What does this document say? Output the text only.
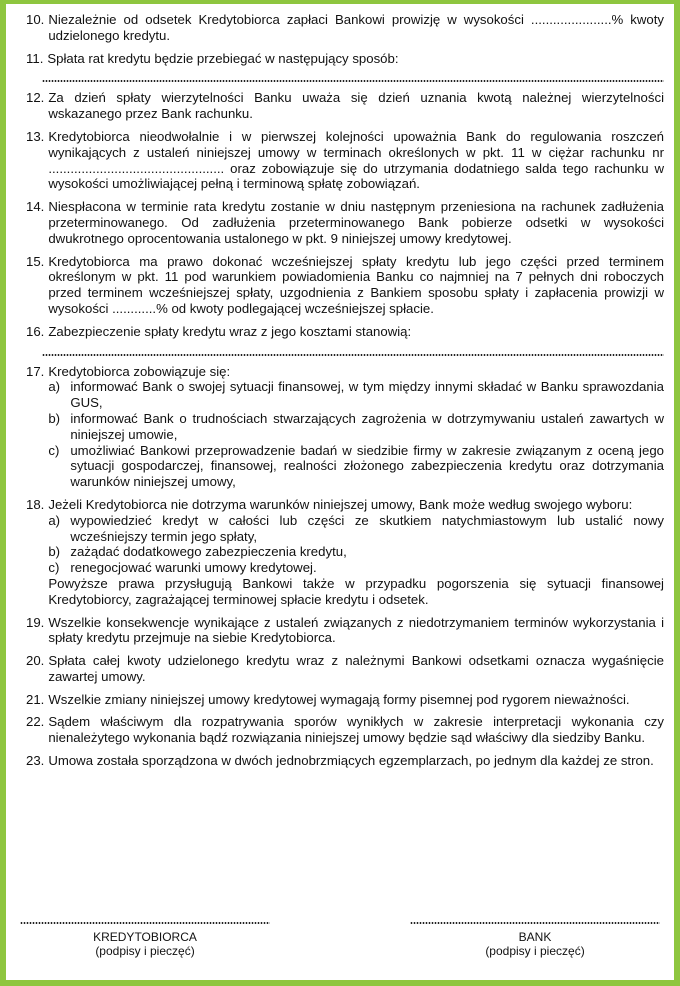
10. Niezależnie od odsetek Kredytobiorca zapłaci Bankowi prowizję w wysokości ......................% kwoty udzielonego kredytu.
11. Spłata rat kredytu będzie przebiegać w następujący sposób:
12. Za dzień spłaty wierzytelności Banku uważa się dzień uznania kwotą należnej wierzytelności wskazanego przez Bank rachunku.
13. Kredytobiorca nieodwołalnie i w pierwszej kolejności upoważnia Bank do regulowania roszczeń wynikających z ustaleń niniejszej umowy w terminach określonych w pkt. 11 w ciężar rachunku nr ................................................ oraz zobowiązuje się do utrzymania dodatniego salda tego rachunku w wysokości umożliwiającej pełną i terminową spłatę zobowiązań.
14. Niespłacona w terminie rata kredytu zostanie w dniu następnym przeniesiona na rachunek zadłużenia przeterminowanego. Od zadłużenia przeterminowanego Bank pobierze odsetki w wysokości dwukrotnego oprocentowania ustalonego w pkt. 9 niniejszej umowy kredytowej.
15. Kredytobiorca ma prawo dokonać wcześniejszej spłaty kredytu lub jego części przed terminem określonym w pkt. 11 pod warunkiem powiadomienia Banku co najmniej na 7 pełnych dni roboczych przed terminem wcześniejszej spłaty, uzgodnienia z Bankiem sposobu spłaty i zapłacenia prowizji w wysokości ............% od kwoty podlegającej wcześniejszej spłacie.
16. Zabezpieczenie spłaty kredytu wraz z jego kosztami stanowią:
17. Kredytobiorca zobowiązuje się:
a) informować Bank o swojej sytuacji finansowej, w tym między innymi składać w Banku sprawozdania GUS,
b) informować Bank o trudnościach stwarzających zagrożenia w dotrzymywaniu ustaleń zawartych w niniejszej umowie,
c) umożliwiać Bankowi przeprowadzenie badań w siedzibie firmy w zakresie związanym z oceną jego sytuacji gospodarczej, finansowej, realności złożonego zabezpieczenia kredytu oraz dotrzymania warunków niniejszej umowy,
18. Jeżeli Kredytobiorca nie dotrzyma warunków niniejszej umowy, Bank może według swojego wyboru:
a) wypowiedzieć kredyt w całości lub części ze skutkiem natychmiastowym lub ustalić nowy wcześniejszy termin jego spłaty,
b) zażądać dodatkowego zabezpieczenia kredytu,
c) renegocjować warunki umowy kredytowej.
Powyższe prawa przysługują Bankowi także w przypadku pogorszenia się sytuacji finansowej Kredytobiorcy, zagrażającej terminowej spłacie kredytu i odsetek.
19. Wszelkie konsekwencje wynikające z ustaleń związanych z niedotrzymaniem terminów wykorzystania i spłaty kredytu przejmuje na siebie Kredytobiorca.
20. Spłata całej kwoty udzielonego kredytu wraz z należnymi Bankowi odsetkami oznacza wygaśnięcie zawartej umowy.
21. Wszelkie zmiany niniejszej umowy kredytowej wymagają formy pisemnej pod rygorem nieważności.
22. Sądem właściwym dla rozpatrywania sporów wynikłych w zakresie interpretacji wykonania czy nienależytego wykonania bądź rozwiązania niniejszej umowy będzie sąd właściwy dla siedziby Banku.
23. Umowa została sporządzona w dwóch jednobrzmiących egzemplarzach, po jednym dla każdej ze stron.
KREDYTOBIORCA
(podpisy i pieczęć)
BANK
(podpisy i pieczęć)
